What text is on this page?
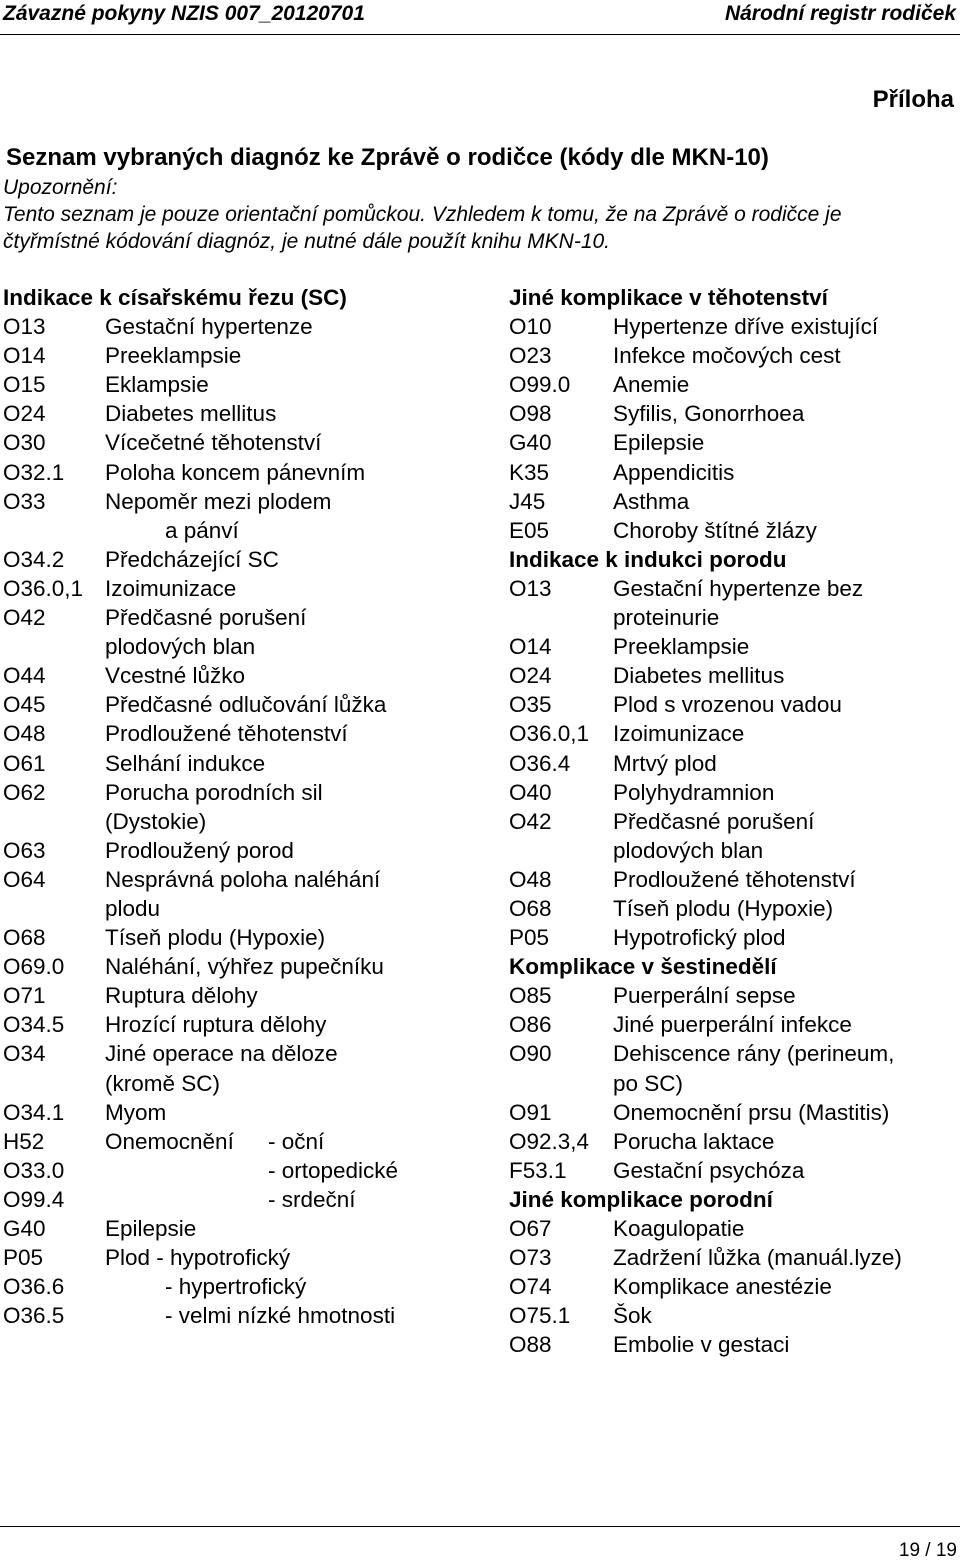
Závazné pokyny NZIS 007_20120701	Národní registr rodiček
Příloha
Seznam vybraných diagnóz ke Zprávě o rodičce (kódy dle MKN-10)
Upozornění:
Tento seznam je pouze orientační pomůckou. Vzhledem k tomu, že na Zprávě o rodičce je
čtyřmístné kódování diagnóz, je nutné dále použít knihu MKN-10.
Indikace k císařskému řezu (SC)
O13	Gestační hypertenze
O14	Preeklampsie
O15	Eklampsie
O24	Diabetes mellitus
O30	Vícečetné těhotenství
O32.1 Poloha koncem pánevním
O33	Nepoměr mezi plodem
a pánví
O34.2 Předcházející SC
O36.0,1 Izoimunizace
O42	Předčasné porušení
plodových blan
O44	Vcestné lůžko
O45	Předčasné odlučování lůžka
O48	Prodloužené těhotenství
O61	Selhání indukce
O62	Porucha porodních sil
(Dystokie)
O63	Prodloužený porod
O64	Nesprávná poloha naléhání
plodu
O68	Tíseň plodu (Hypoxie)
O69.0 Naléhání, výhřez pupečníku
O71	Ruptura dělohy
O34.5 Hrozící ruptura dělohy
O34	Jiné operace na děloze
(kromě SC)
O34.1 Myom
H52	Onemocnění - oční
O33.0	- ortopedické
O99.4	- srdeční
G40	Epilepsie
P05	Plod - hypotrofický
O36.6	- hypertrofický
O36.5	- velmi nízké hmotnosti
Jiné komplikace v těhotenství
O10	Hypertenze dříve existující
O23	Infekce močových cest
O99.0 Anemie
O98	Syfilis, Gonorrhoea
G40	Epilepsie
K35	Appendicitis
J45	Asthma
E05	Choroby štítné žlázy
Indikace k indukci porodu
O13	Gestační hypertenze bez
proteinurie
O14	Preeklampsie
O24	Diabetes mellitus
O35	Plod s vrozenou vadou
O36.0,1 Izoimunizace
O36.4 Mrtvý plod
O40	Polyhydramnion
O42	Předčasné porušení
plodových blan
O48	Prodloužené těhotenství
O68	Tíseň plodu (Hypoxie)
P05	Hypotrofický plod
Komplikace v šestinedělí
O85	Puerperální sepse
O86	Jiné puerperální infekce
O90	Dehiscence rány (perineum,
po SC)
O91	Onemocnění prsu (Mastitis)
O92.3,4 Porucha laktace
F53.1 Gestační psychóza
Jiné komplikace porodní
O67	Koagulopatie
O73	Zadržení lůžka (manuál.lyze)
O74	Komplikace anestézie
O75.1 Šok
O88	Embolie v gestaci
19 / 19
